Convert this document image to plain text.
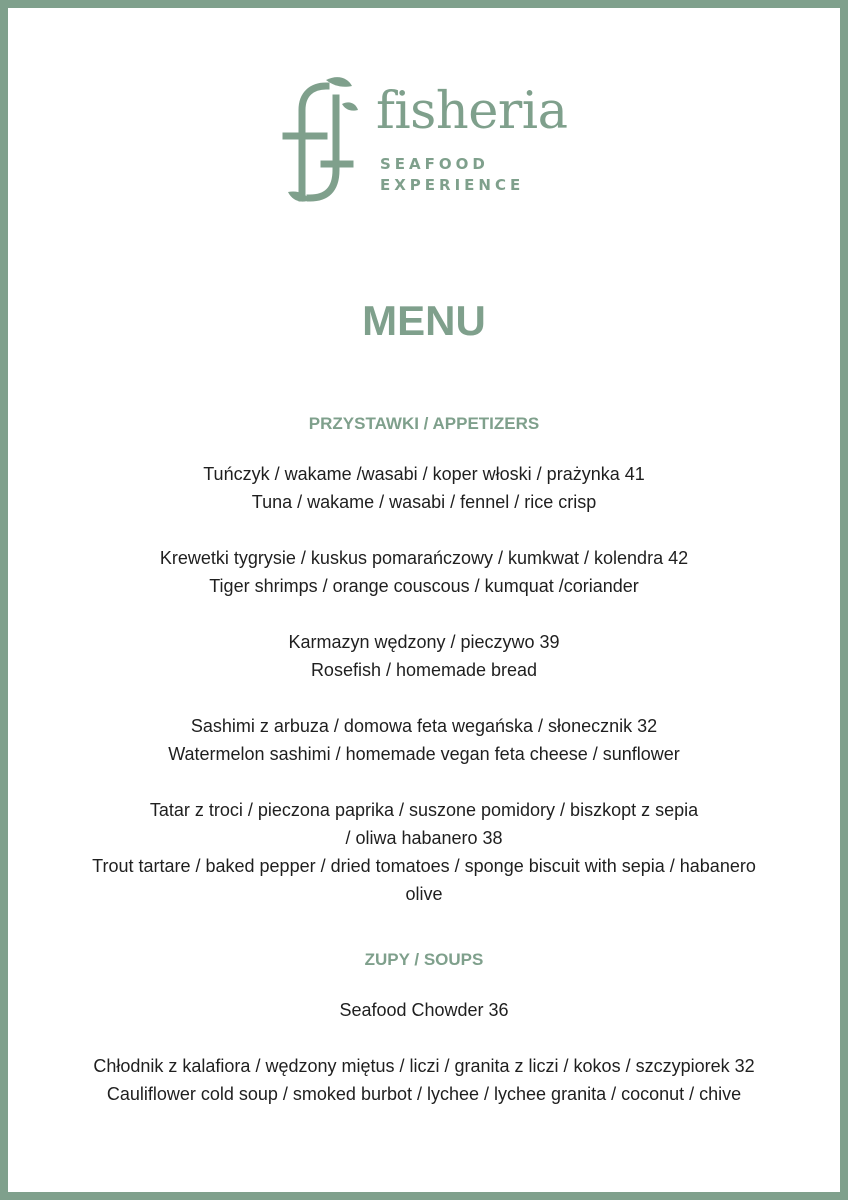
fisheria
SEAFOOD
EXPERIENCE
MENU
PRZYSTAWKI / APPETIZERS

Tuńczyk / wakame /wasabi / koper włoski / prażynka 41

Tuna / wakame / wasabi / fennel / rice crisp

Krewetki tygrysie / kuskus pomarańczowy / kumkwat / kolendra 42

Tiger shrimps / orange couscous / kumquat /coriander

Karmazyn wędzony / pieczywo 39

Rosefish / homemade bread

Sashimi z arbuza / domowa feta wegańska / słonecznik 32

Watermelon sashimi / homemade vegan feta cheese / sunflower

Tatar z troci / pieczona paprika / suszone pomidory / biszkopt z sepia

/ oliwa habanero 38

Trout tartare / baked pepper / dried tomatoes / sponge biscuit with sepia / habanero

olive

ZUPY / SOUPS

Seafood Chowder 36

Chłodnik z kalafiora / wędzony miętus / liczi / granita z liczi / kokos / szczypiorek 32

Cauliflower cold soup / smoked burbot / lychee / lychee granita / coconut / chive
